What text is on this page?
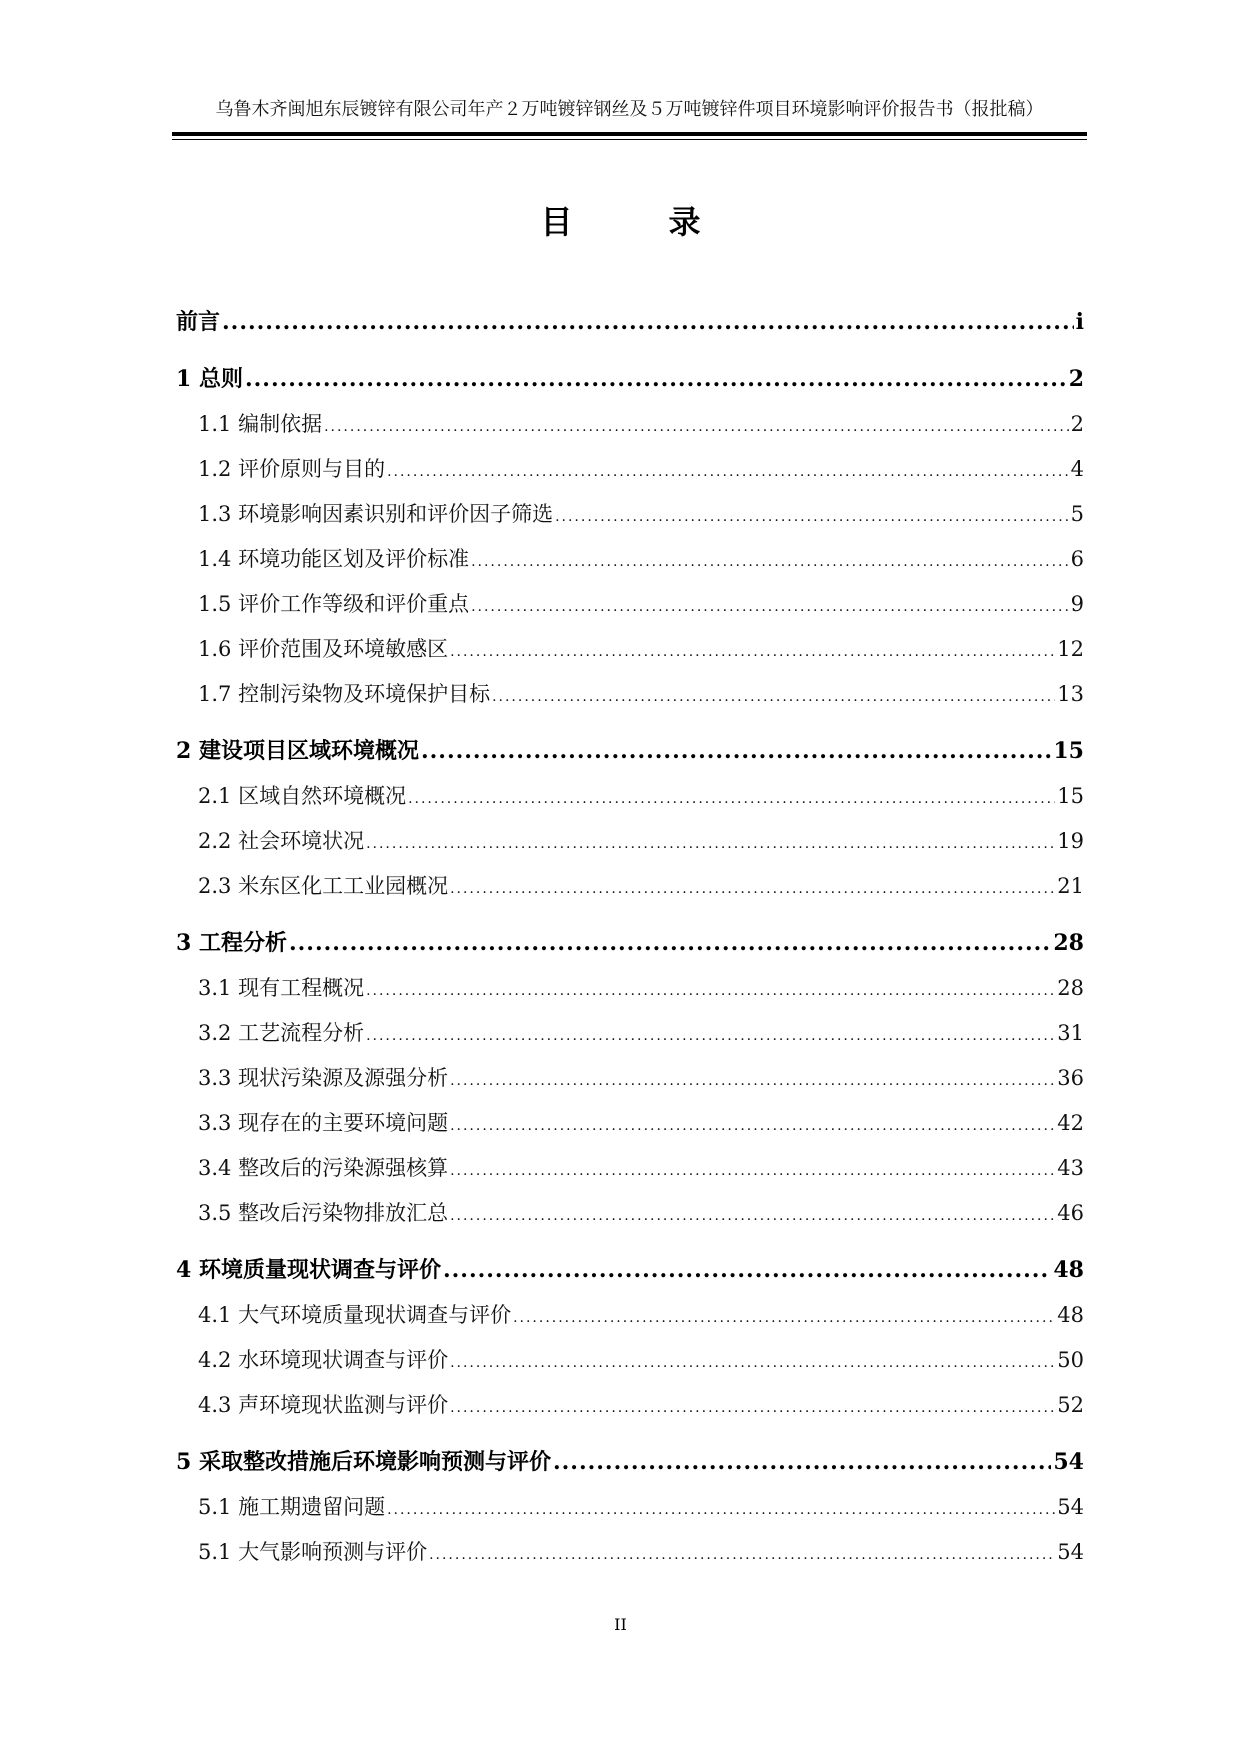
乌鲁木齐闽旭东辰镀锌有限公司年产２万吨镀锌钢丝及５万吨镀锌件项目环境影响评价报告书（报批稿）
目　录
前言 .....	i
1 总则 .....	2
1.1 编制依据 .....	2
1.2 评价原则与目的 .....	4
1.3 环境影响因素识别和评价因子筛选 .....	5
1.4 环境功能区划及评价标准 .....	6
1.5 评价工作等级和评价重点 .....	9
1.6 评价范围及环境敏感区 .....	12
1.7 控制污染物及环境保护目标 .....	13
2 建设项目区域环境概况 .....	15
2.1 区域自然环境概况 .....	15
2.2 社会环境状况 .....	19
2.3 米东区化工工业园概况 .....	21
3 工程分析 .....	28
3.1 现有工程概况 .....	28
3.2 工艺流程分析 .....	31
3.3 现状污染源及源强分析 .....	36
3.3 现存在的主要环境问题 .....	42
3.4 整改后的污染源强核算 .....	43
3.5 整改后污染物排放汇总 .....	46
4 环境质量现状调查与评价 .....	48
4.1 大气环境质量现状调查与评价 .....	48
4.2 水环境现状调查与评价 .....	50
4.3 声环境现状监测与评价 .....	52
5 采取整改措施后环境影响预测与评价 .....	54
5.1 施工期遗留问题 .....	54
5.1 大气影响预测与评价 .....	54
II
